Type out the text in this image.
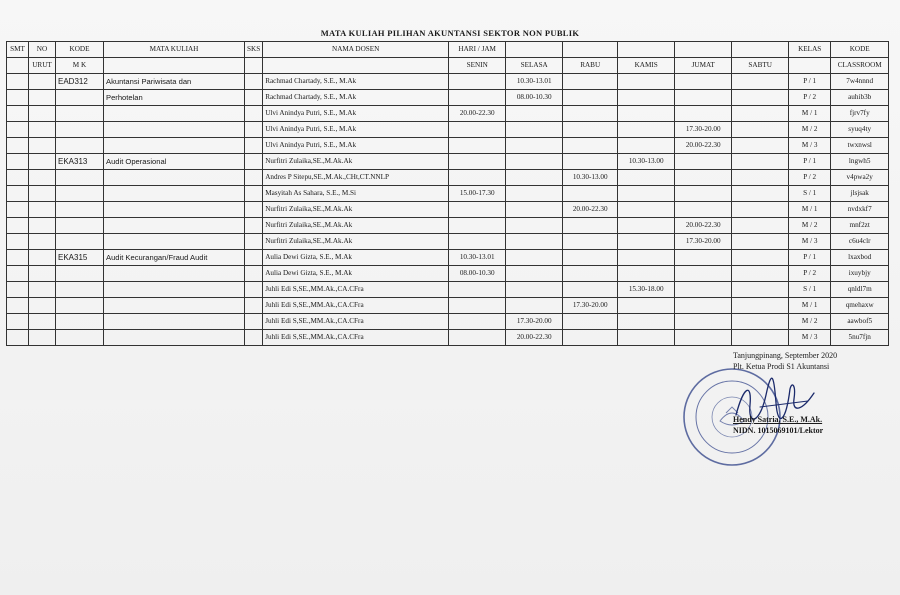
MATA KULIAH PILIHAN AKUNTANSI SEKTOR NON PUBLIK
SMT	NO	KODE	MATA KULIAH	SKS	NAMA DOSEN	HARI / JAM						KELAS	KODE
	URUT	M K				SENIN	SELASA	RABU	KAMIS	JUMAT	SABTU		CLASSROOM
		EAD312	Akuntansi Pariwisata dan		Rachmad Chartady, S.E., M.Ak		10.30-13.01					P / 1	7w4nnnd
			Perhotelan		Rachmad Chartady, S.E., M.Ak		08.00-10.30					P / 2	auhib3b
					Ulvi Anindya Putri, S.E., M.Ak	20.00-22.30						M / 1	fjrv7fy
					Ulvi Anindya Putri, S.E., M.Ak					17.30-20.00		M / 2	syuq4ty
					Ulvi Anindya Putri, S.E., M.Ak					20.00-22.30		M / 3	twxnwsl
		EKA313	Audit Operasional		Nurfitri Zulaika,SE.,M.Ak.Ak				10.30-13.00			P / 1	lngwh5
					Andres P Sitepu,SE.,M.Ak.,CHt,CT.NNLP			10.30-13.00				P / 2	v4pwa2y
					Masyitah As Sahara, S.E., M.Si	15.00-17.30						S / 1	jlsjsak
					Nurfitri Zulaika,SE.,M.Ak.Ak			20.00-22.30				M / 1	nvdxkf7
					Nurfitri Zulaika,SE.,M.Ak.Ak					20.00-22.30		M / 2	mnf2zt
					Nurfitri Zulaika,SE.,M.Ak.Ak					17.30-20.00		M / 3	c6u4clr
		EKA315	Audit Kecurangan/Fraud Audit		Aulia Dewi Gizta, S.E., M.Ak	10.30-13.01						P / 1	lxaxbod
					Aulia Dewi Gizta, S.E., M.Ak	08.00-10.30						P / 2	ixuybjy
					Juhli Edi S,SE.,MM.Ak.,CA.CFra				15.30-18.00			S / 1	qnldl7m
					Juhli Edi S,SE.,MM.Ak.,CA.CFra			17.30-20.00				M / 1	qmehaxw
					Juhli Edi S,SE.,MM.Ak.,CA.CFra		17.30-20.00					M / 2	aawbof5
					Juhli Edi S,SE.,MM.Ak.,CA.CFra		20.00-22.30					M / 3	5nu7fjn
Tanjungpinang, September 2020
Plt. Ketua Prodi S1 Akuntansi
Hendy Satria, S.E., M.Ak.
NIDN. 1015069101/Lektor
